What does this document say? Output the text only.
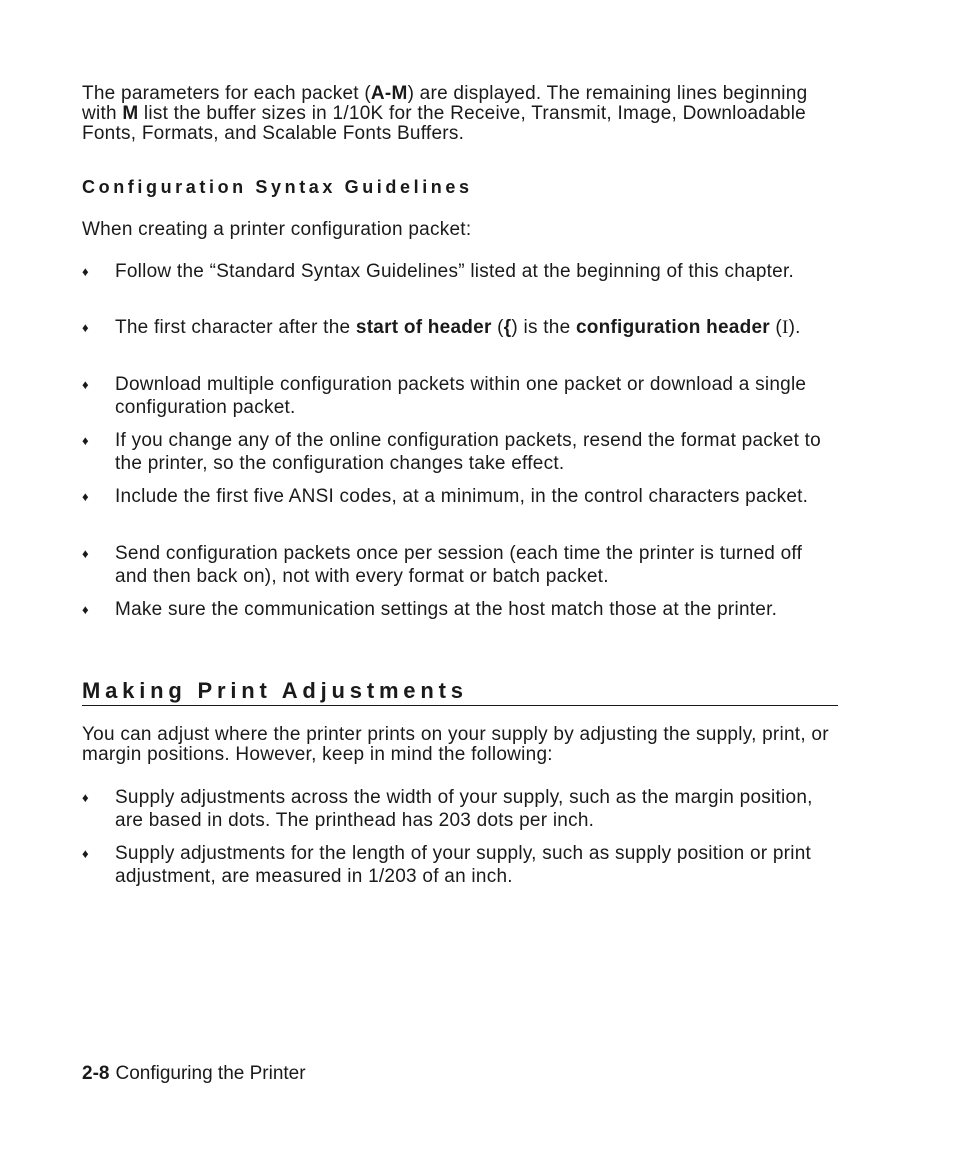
The parameters for each packet (A-M) are displayed. The remaining lines beginning with M list the buffer sizes in 1/10K for the Receive, Transmit, Image, Downloadable Fonts, Formats, and Scalable Fonts Buffers.

Configuration Syntax Guidelines

When creating a printer configuration packet:

♦	Follow the “Standard Syntax Guidelines” listed at the beginning of this chapter.
♦	The first character after the start of header ({) is the configuration header (I).
♦	Download multiple configuration packets within one packet or download a single configuration packet.
♦	If you change any of the online configuration packets, resend the format packet to the printer, so the configuration changes take effect.
♦	Include the first five ANSI codes, at a minimum, in the control characters packet.
♦	Send configuration packets once per session (each time the printer is turned off and then back on), not with every format or batch packet.
♦	Make sure the communication settings at the host match those at the printer.
Making Print Adjustments

You can adjust where the printer prints on your supply by adjusting the supply, print, or margin positions. However, keep in mind the following:

♦	Supply adjustments across the width of your supply, such as the margin position, are based in dots. The printhead has 203 dots per inch.
♦	Supply adjustments for the length of your supply, such as supply position or print adjustment, are measured in 1/203 of an inch.
2-8 Configuring the Printer
